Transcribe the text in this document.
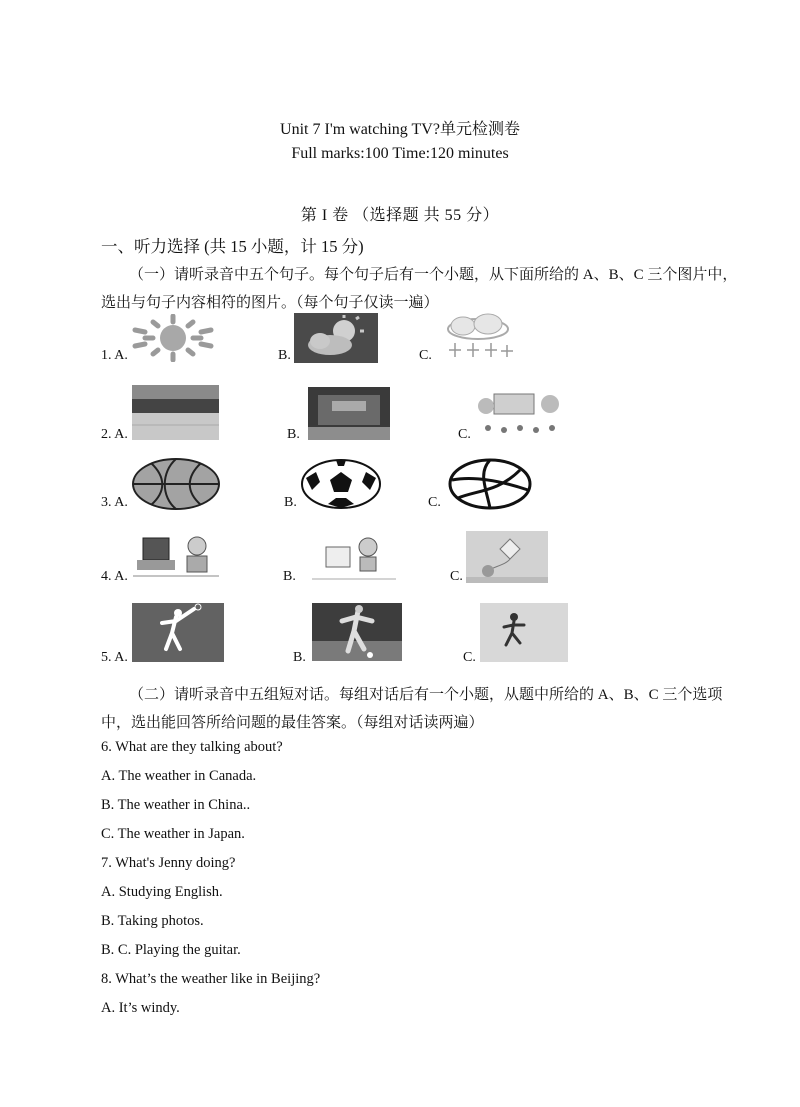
Unit 7 I'm watching TV?单元检测卷
Full marks:100 Time:120 minutes
第 I 卷 （选择题 共 55 分）
一、听力选择 (共 15 小题，计 15 分)
（一）请听录音中五个句子。每个句子后有一个小题，从下面所给的 A、B、C 三个图片中，
选出与句子内容相符的图片。（每个句子仅读一遍）
1. A.	B.	C.
2. A.	B.	C.
3. A.	B.	C.
4. A.	B.	C.
5. A.	B.	C.
（二）请听录音中五组短对话。每组对话后有一个小题，从题中所给的 A、B、C 三个选项
中，选出能回答所给问题的最佳答案。（每组对话读两遍）
6. What are they talking about?
A. The weather in Canada.
B. The weather in China..
C. The weather in Japan.
7. What's Jenny doing?
A. Studying English.
B. Taking photos.
B. C. Playing the guitar.
8. What’s the weather like in Beijing?
A. It’s windy.
